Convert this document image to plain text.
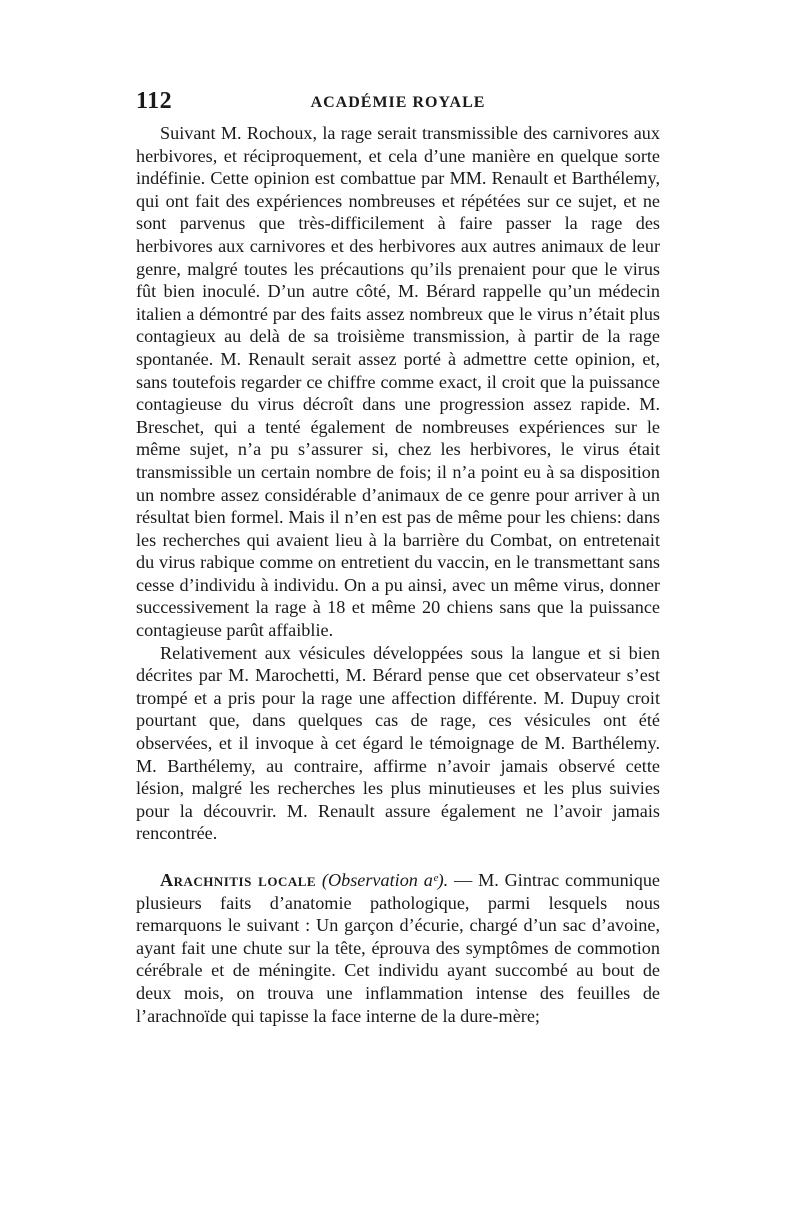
112	ACADÉMIE ROYALE

Suivant M. Rochoux, la rage serait transmissible des carnivores aux herbivores, et réciproquement, et cela d’une manière en quelque sorte indéfinie. Cette opinion est combattue par MM. Renault et Barthélemy, qui ont fait des expériences nombreuses et répétées sur ce sujet, et ne sont parvenus que très-difficilement à faire passer la rage des herbivores aux carnivores et des herbivores aux autres animaux de leur genre, malgré toutes les précautions qu’ils prenaient pour que le virus fût bien inoculé. D’un autre côté, M. Bérard rappelle qu’un médecin italien a démontré par des faits assez nombreux que le virus n’était plus contagieux au delà de sa troisième transmission, à partir de la rage spontanée. M. Renault serait assez porté à admettre cette opinion, et, sans toutefois regarder ce chiffre comme exact, il croit que la puissance contagieuse du virus décroît dans une progression assez rapide. M. Breschet, qui a tenté également de nombreuses expériences sur le même sujet, n’a pu s’assurer si, chez les herbivores, le virus était transmissible un certain nombre de fois; il n’a point eu à sa disposition un nombre assez considérable d’animaux de ce genre pour arriver à un résultat bien formel. Mais il n’en est pas de même pour les chiens: dans les recherches qui avaient lieu à la barrière du Combat, on entretenait du virus rabique comme on entretient du vaccin, en le transmettant sans cesse d’individu à individu. On a pu ainsi, avec un même virus, donner successivement la rage à 18 et même 20 chiens sans que la puissance contagieuse parût affaiblie.

Relativement aux vésicules développées sous la langue et si bien décrites par M. Marochetti, M. Bérard pense que cet observateur s’est trompé et a pris pour la rage une affection différente. M. Dupuy croit pourtant que, dans quelques cas de rage, ces vésicules ont été observées, et il invoque à cet égard le témoignage de M. Barthélemy. M. Barthélemy, au contraire, affirme n’avoir jamais observé cette lésion, malgré les recherches les plus minutieuses et les plus suivies pour la découvrir. M. Renault assure également ne l’avoir jamais rencontrée.

Arachnitis locale (Observation aᵉ). — M. Gintrac communique plusieurs faits d’anatomie pathologique, parmi lesquels nous remarquons le suivant : Un garçon d’écurie, chargé d’un sac d’avoine, ayant fait une chute sur la tête, éprouva des symptômes de commotion cérébrale et de méningite. Cet individu ayant succombé au bout de deux mois, on trouva une inflammation intense des feuilles de l’arachnoïde qui tapisse la face interne de la dure-mère;
